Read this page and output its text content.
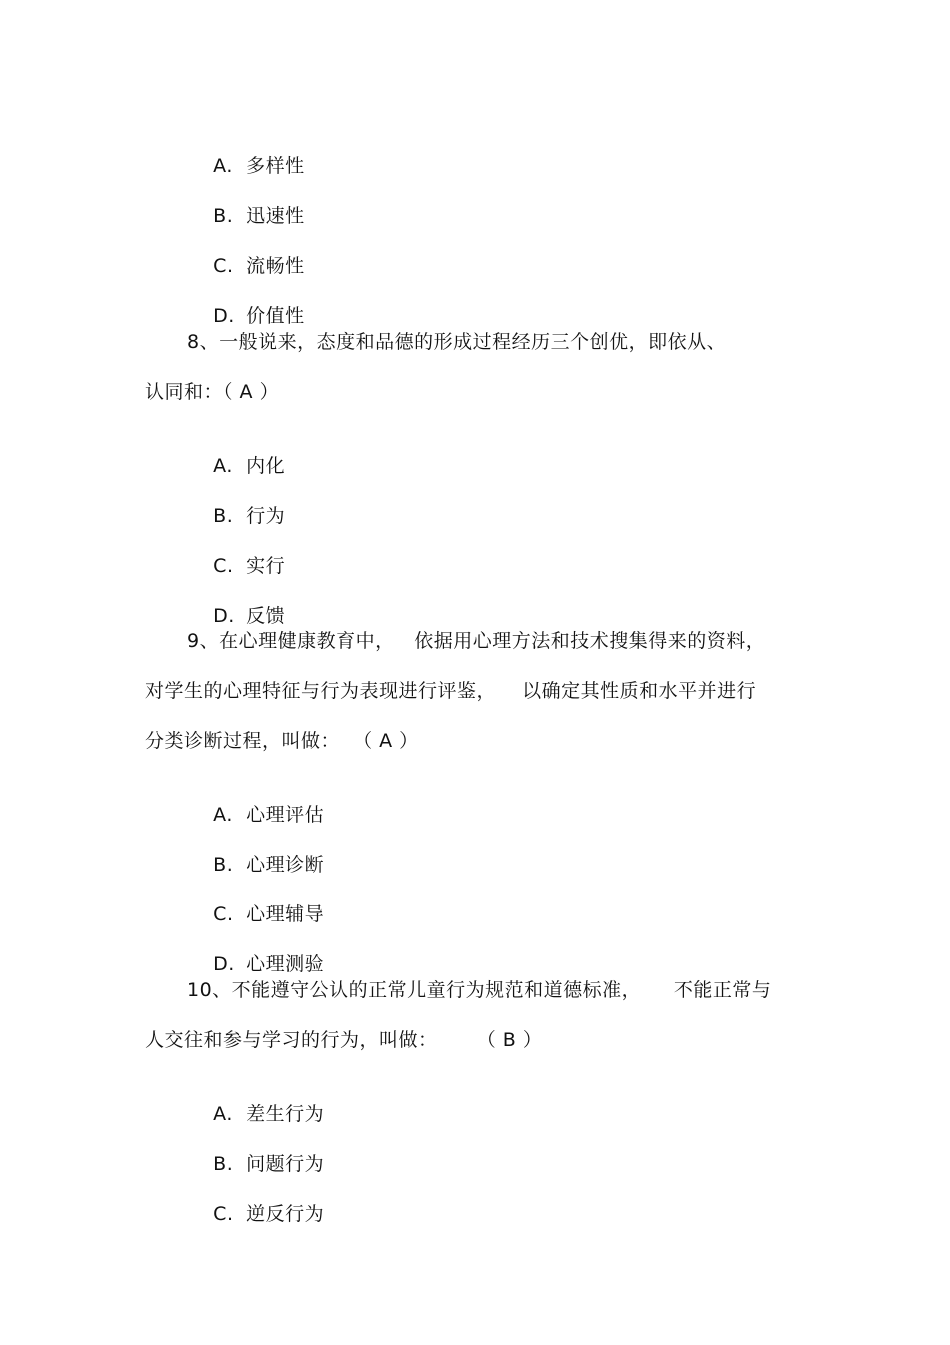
A. 多样性

B. 迅速性

C. 流畅性

D. 价值性

8、一般说来，态度和品德的形成过程经历三个创优，即依从、
认同和：（ A ）

A. 内化

B. 行为

C. 实行

D. 反馈

9、在心理健康教育中，   依据用心理方法和技术搜集得来的资料，
对学生的心理特征与行为表现进行评鉴，    以确定其性质和水平并进行
分类诊断过程，叫做：  （ A ）

A. 心理评估

B. 心理诊断

C. 心理辅导

D. 心理测验

10、不能遵守公认的正常儿童行为规范和道德标准，     不能正常与
人交往和参与学习的行为，叫做：      （ B ）

A. 差生行为

B. 问题行为

C. 逆反行为
